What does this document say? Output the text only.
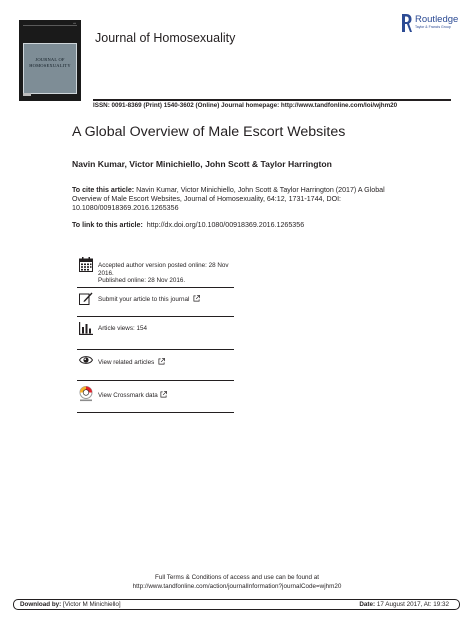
▪▪▪
JOURNAL OF
HOMOSEXUALITY
Journal of Homosexuality
Routledge
Taylor & Francis Group
ISSN: 0091-8369 (Print) 1540-3602 (Online) Journal homepage: http://www.tandfonline.com/loi/wjhm20
A Global Overview of Male Escort Websites
Navin Kumar, Victor Minichiello, John Scott & Taylor Harrington
To cite this article: Navin Kumar, Victor Minichiello, John Scott & Taylor Harrington (2017) A Global Overview of Male Escort Websites, Journal of Homosexuality, 64:12, 1731-1744, DOI: 10.1080/00918369.2016.1265356
To link to this article: http://dx.doi.org/10.1080/00918369.2016.1265356
Accepted author version posted online: 28 Nov 2016.
Published online: 28 Nov 2016.
Submit your article to this journal
Article views: 154
View related articles
View Crossmark data
Full Terms & Conditions of access and use can be found at
http://www.tandfonline.com/action/journalInformation?journalCode=wjhm20
Download by: [Victor M Minichiello]	Date: 17 August 2017, At: 19:32
